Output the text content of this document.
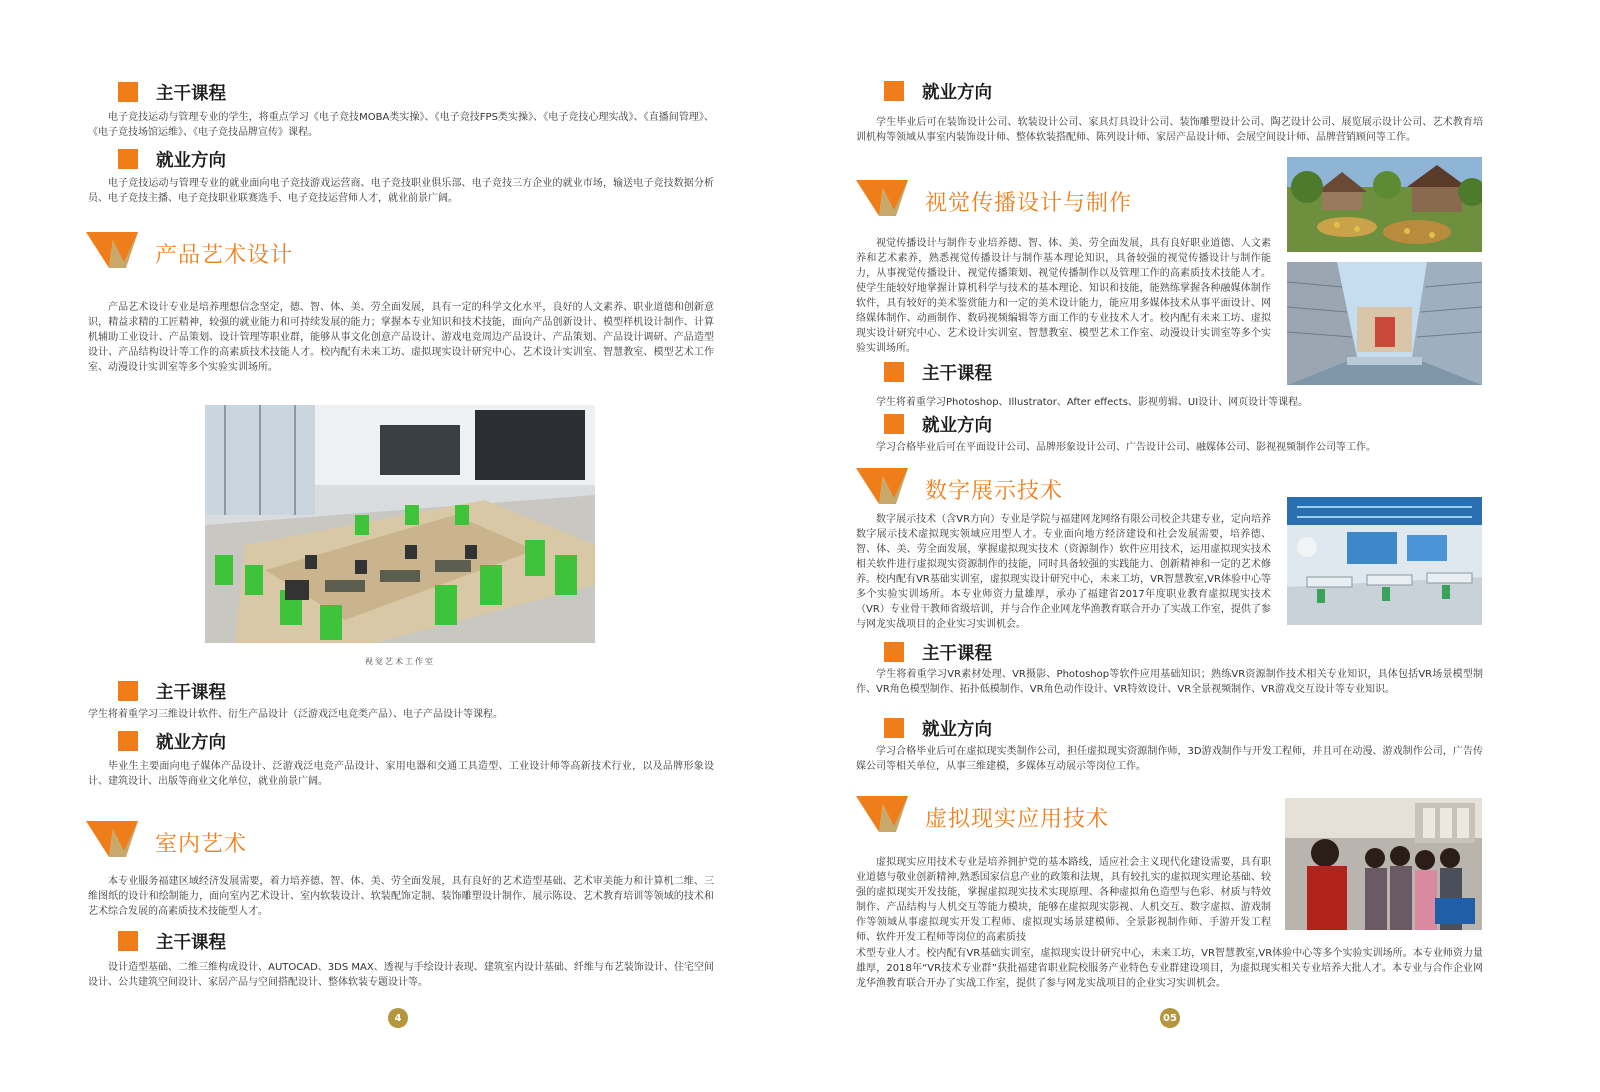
主干课程

电子竞技运动与管理专业的学生，将重点学习《电子竞技MOBA类实操》、《电子竞技FPS类实操》、《电子竞技心理实战》、《直播间管理》、《电子竞技场馆运维》、《电子竞技品牌宣传》课程。

就业方向

电子竞技运动与管理专业的就业面向电子竞技游戏运营商、电子竞技职业俱乐部、电子竞技三方企业的就业市场，输送电子竞技数据分析员、电子竞技主播、电子竞技职业联赛选手、电子竞技运营师人才，就业前景广阔。

产品艺术设计

产品艺术设计专业是培养理想信念坚定，德、智、体、美、劳全面发展，具有一定的科学文化水平，良好的人文素养、职业道德和创新意识，精益求精的工匠精神，较强的就业能力和可持续发展的能力；掌握本专业知识和技术技能，面向产品创新设计、模型样机设计制作、计算机辅助工业设计、产品策划、设计管理等职业群，能够从事文化创意产品设计、游戏电竞周边产品设计、产品策划、产品设计调研、产品造型设计、产品结构设计等工作的高素质技术技能人才。校内配有未来工坊、虚拟现实设计研究中心、艺术设计实训室、智慧教室、模型艺术工作室、动漫设计实训室等多个实验实训场所。

视觉艺术工作室
主干课程

学生将着重学习三维设计软件、衍生产品设计（泛游戏泛电竞类产品）、电子产品设计等课程。

就业方向

毕业生主要面向电子媒体产品设计、泛游戏泛电竞产品设计、家用电器和交通工具造型、工业设计师等高新技术行业，以及品牌形象设计、建筑设计、出版等商业文化单位，就业前景广阔。

室内艺术

本专业服务福建区域经济发展需要，着力培养德、智、体、美、劳全面发展，具有良好的艺术造型基础、艺术审美能力和计算机二维、三维图纸的设计和绘制能力，面向室内艺术设计、室内软装设计、软装配饰定制、装饰雕塑设计制作、展示陈设、艺术教育培训等领域的技术和艺术综合发展的高素质技术技能型人才。

主干课程

设计造型基础、二维三维构成设计、AUTOCAD、3DS MAX、透视与手绘设计表现、建筑室内设计基础、纤维与布艺装饰设计、住宅空间设计、公共建筑空间设计、家居产品与空间搭配设计、整体软装专题设计等。

4
就业方向

学生毕业后可在装饰设计公司、软装设计公司、家具灯具设计公司、装饰雕塑设计公司、陶艺设计公司、展览展示设计公司、艺术教育培训机构等领域从事室内装饰设计师、整体软装搭配师、陈列设计师、家居产品设计师、会展空间设计师、品牌营销顾问等工作。

视觉传播设计与制作

视觉传播设计与制作专业培养德、智、体、美、劳全面发展，具有良好职业道德、人文素养和艺术素养，熟悉视觉传播设计与制作基本理论知识，具备较强的视觉传播设计与制作能力，从事视觉传播设计、视觉传播策划、视觉传播制作以及管理工作的高素质技术技能人才。使学生能较好地掌握计算机科学与技术的基本理论、知识和技能，能熟练掌握各种融媒体制作软件，具有较好的美术鉴赏能力和一定的美术设计能力，能应用多媒体技术从事平面设计、网络媒体制作、动画制作、数码视频编辑等方面工作的专业技术人才。校内配有未来工坊、虚拟现实设计研究中心、艺术设计实训室、智慧教室、模型艺术工作室、动漫设计实训室等多个实验实训场所。

主干课程

学生将着重学习Photoshop、Illustrator、After effects、影视剪辑、UI设计、网页设计等课程。

就业方向

学习合格毕业后可在平面设计公司、品牌形象设计公司、广告设计公司、融媒体公司、影视视频制作公司等工作。

数字展示技术

数字展示技术（含VR方向）专业是学院与福建网龙网络有限公司校企共建专业，定向培养数字展示技术虚拟现实领域应用型人才。专业面向地方经济建设和社会发展需要，培养德、智、体、美、劳全面发展，掌握虚拟现实技术（资源制作）软件应用技术，运用虚拟现实技术相关软件进行虚拟现实资源制作的技能，同时具备较强的实践能力、创新精神和一定的艺术修养。校内配有VR基础实训室，虚拟现实设计研究中心，未来工坊，VR智慧教室,VR体验中心等多个实验实训场所。本专业师资力量雄厚，承办了福建省2017年度职业教育虚拟现实技术（VR）专业骨干教师省级培训，并与合作企业网龙华渔教育联合开办了实战工作室，提供了参与网龙实战项目的企业实习实训机会。

主干课程

学生将着重学习VR素材处理、VR摄影、Photoshop等软件应用基础知识；熟练VR资源制作技术相关专业知识，具体包括VR场景模型制作、VR角色模型制作、拓扑低模制作、VR角色动作设计、VR特效设计、VR全景视频制作、VR游戏交互设计等专业知识。

就业方向

学习合格毕业后可在虚拟现实类制作公司，担任虚拟现实资源制作师，3D游戏制作与开发工程师，并且可在动漫、游戏制作公司，广告传媒公司等相关单位，从事三维建模，多媒体互动展示等岗位工作。

虚拟现实应用技术

虚拟现实应用技术专业是培养拥护党的基本路线，适应社会主义现代化建设需要，具有职业道德与敬业创新精神,熟悉国家信息产业的政策和法规，具有较扎实的虚拟现实理论基础、较强的虚拟现实开发技能，掌握虚拟现实技术实现原理、各种虚拟角色造型与色彩、材质与特效制作、产品结构与人机交互等能力模块，能够在虚拟现实影视、人机交互、数字虚拟、游戏制作等领域从事虚拟现实开发工程师、虚拟现实场景建模师、全景影视制作师、手游开发工程师、软件开发工程师等岗位的高素质技

术型专业人才。校内配有VR基础实训室，虚拟现实设计研究中心，未来工坊，VR智慧教室,VR体验中心等多个实验实训场所。本专业师资力量雄厚，2018年“VR技术专业群”获批福建省职业院校服务产业特色专业群建设项目，为虚拟现实相关专业培养大批人才。本专业与合作企业网龙华渔教育联合开办了实战工作室，提供了参与网龙实战项目的企业实习实训机会。

05
